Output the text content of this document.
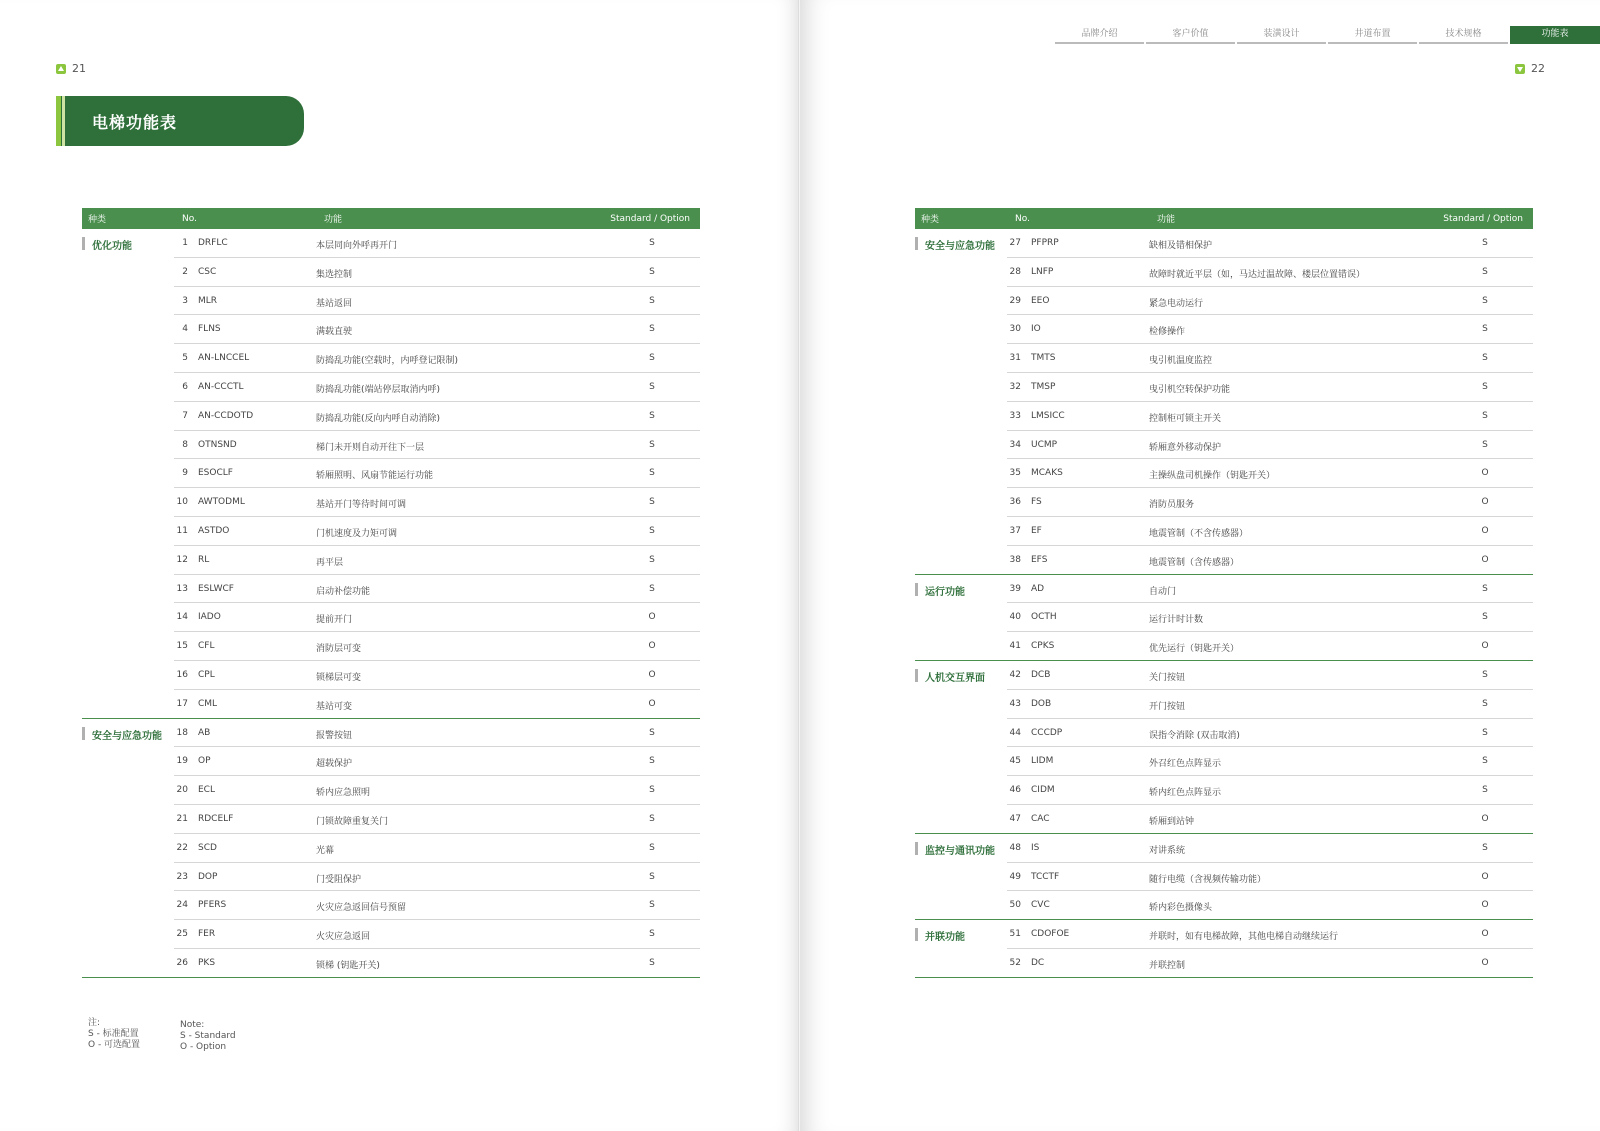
21
电梯功能表
种类	No.	功能	Standard / Option
优化功能	1 DRFLC	本层同向外呼再开门	S
2 CSC	集选控制	S
3 MLR	基站返回	S
4 FLNS	满载直驶	S
5 AN-LNCCEL	防捣乱功能(空载时，内呼登记限制)	S
6 AN-CCCTL	防捣乱功能(端站停层取消内呼)	S
7 AN-CCDOTD	防捣乱功能(反向内呼自动消除)	S
8 OTNSND	梯门未开则自动开往下一层	S
9 ESOCLF	轿厢照明、风扇节能运行功能	S
10 AWTODML	基站开门等待时间可调	S
11 ASTDO	门机速度及力矩可调	S
12 RL	再平层	S
13 ESLWCF	启动补偿功能	S
14 IADO	提前开门	O
15 CFL	消防层可变	O
16 CPL	锁梯层可变	O
17 CML	基站可变	O
安全与应急功能 18 AB	报警按钮	S
19 OP	超载保护	S
20 ECL	轿内应急照明	S
21 RDCELF	门锁故障重复关门	S
22 SCD	光幕	S
23 DOP	门受阻保护	S
24 PFERS	火灾应急返回信号预留	S
25 FER	火灾应急返回	S
26 PKS	锁梯 (钥匙开关)	S
注:
S - 标准配置
O - 可选配置
Note:
S - Standard
O - Option
品牌介绍	客户价值	装潢设计	井道布置	技术规格	功能表
22
种类	No.	功能	Standard / Option
安全与应急功能 27 PFPRP	缺相及错相保护	S
28 LNFP	故障时就近平层（如，马达过温故障、楼层位置错误）	S
29 EEO	紧急电动运行	S
30 IO	检修操作	S
31 TMTS	曳引机温度监控	S
32 TMSP	曳引机空转保护功能	S
33 LMSICC	控制柜可锁主开关	S
34 UCMP	轿厢意外移动保护	S
35 MCAKS	主操纵盘司机操作（钥匙开关）	O
36 FS	消防员服务	O
37 EF	地震管制（不含传感器）	O
38 EFS	地震管制（含传感器）	O
运行功能	39 AD	自动门	S
40 OCTH	运行计时计数	S
41 CPKS	优先运行（钥匙开关）	O
人机交互界面	42 DCB	关门按钮	S
43 DOB	开门按钮	S
44 CCCDP	误指令消除 (双击取消)	S
45 LIDM	外召红色点阵显示	S
46 CIDM	轿内红色点阵显示	S
47 CAC	轿厢到站钟	O
监控与通讯功能 48 IS	对讲系统	S
49 TCCTF	随行电缆（含视频传输功能）	O
50 CVC	轿内彩色摄像头	O
并联功能	51 CDOFOE	并联时，如有电梯故障，其他电梯自动继续运行	O
52 DC	并联控制	O
